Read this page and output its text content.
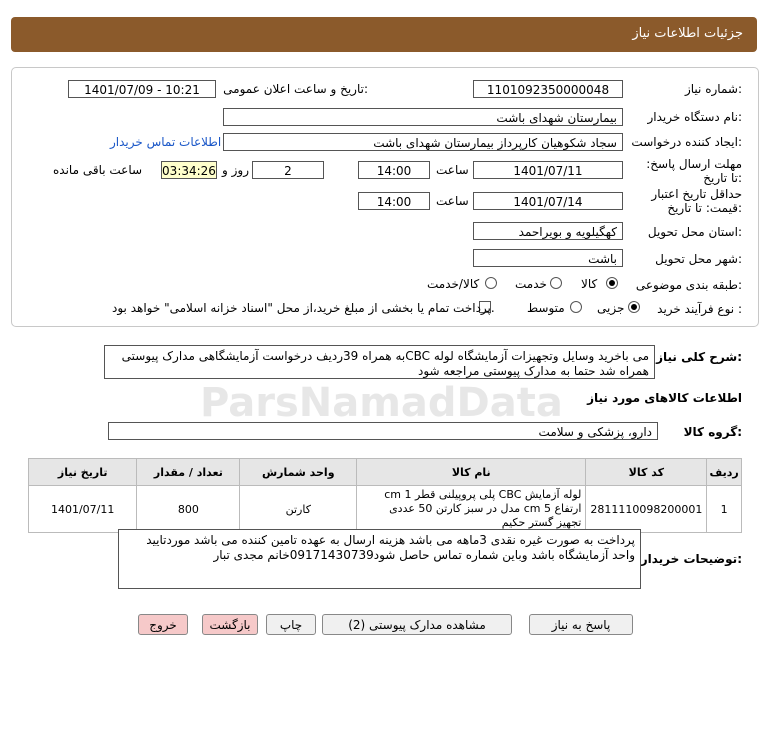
جزئیات اطلاعات نیاز
شماره نیاز:
1101092350000048
تاریخ و ساعت اعلان عمومی:
1401/07/09 - 10:21
نام دستگاه خریدار:
بیمارستان شهدای باشت
ایجاد کننده درخواست:
سجاد شکوهیان کارپرداز بیمارستان شهدای باشت
اطلاعات تماس خریدار
مهلت ارسال پاسخ: تا تاریخ:
1401/07/11
ساعت
14:00
2
روز و
03:34:26
ساعت باقی مانده
حداقل تاریخ اعتبار قیمت: تا تاریخ:
1401/07/14
ساعت
14:00
استان محل تحویل:
کهگیلویه و بویراحمد
شهر محل تحویل:
باشت
طبقه بندی موضوعی:
کالا
خدمت
کالا/خدمت
نوع فرآیند خرید :
جزیی
متوسط
پرداخت تمام یا بخشی از مبلغ خرید،از محل "اسناد خزانه اسلامی" خواهد بود.
شرح کلی نیاز:
می باخرید وسایل وتجهیزات آزمایشگاه لوله CBCبه همراه 39ردیف درخواست آزمایشگاهی مدارک پیوستی همراه شد حتما به مدارک پیوستی مراجعه شود
اطلاعات کالاهای مورد نیاز
گروه کالا:
دارو، پزشکی و سلامت
ردیف	کد کالا	نام کالا	واحد شمارش	تعداد / مقدار	تاریخ نیاز
1	2811110098200001	لوله آزمایش CBC پلی پروپیلنی قطر 1 cm ارتفاع 5 cm مدل در سبز کارتن 50 عددی تجهیز گستر حکیم	کارتن	800	1401/07/11
توضیحات خریدار:
پرداخت به صورت غیره نقدی 3ماهه می باشد هزینه ارسال به عهده تامین کننده می باشد موردتایید واحد آزمایشگاه باشد وباین شماره تماس حاصل شود09171430739خانم مجدی تبار
پاسخ به نیاز
مشاهده مدارک پیوستی (2)
چاپ
بازگشت
خروج
ParsNamadData
